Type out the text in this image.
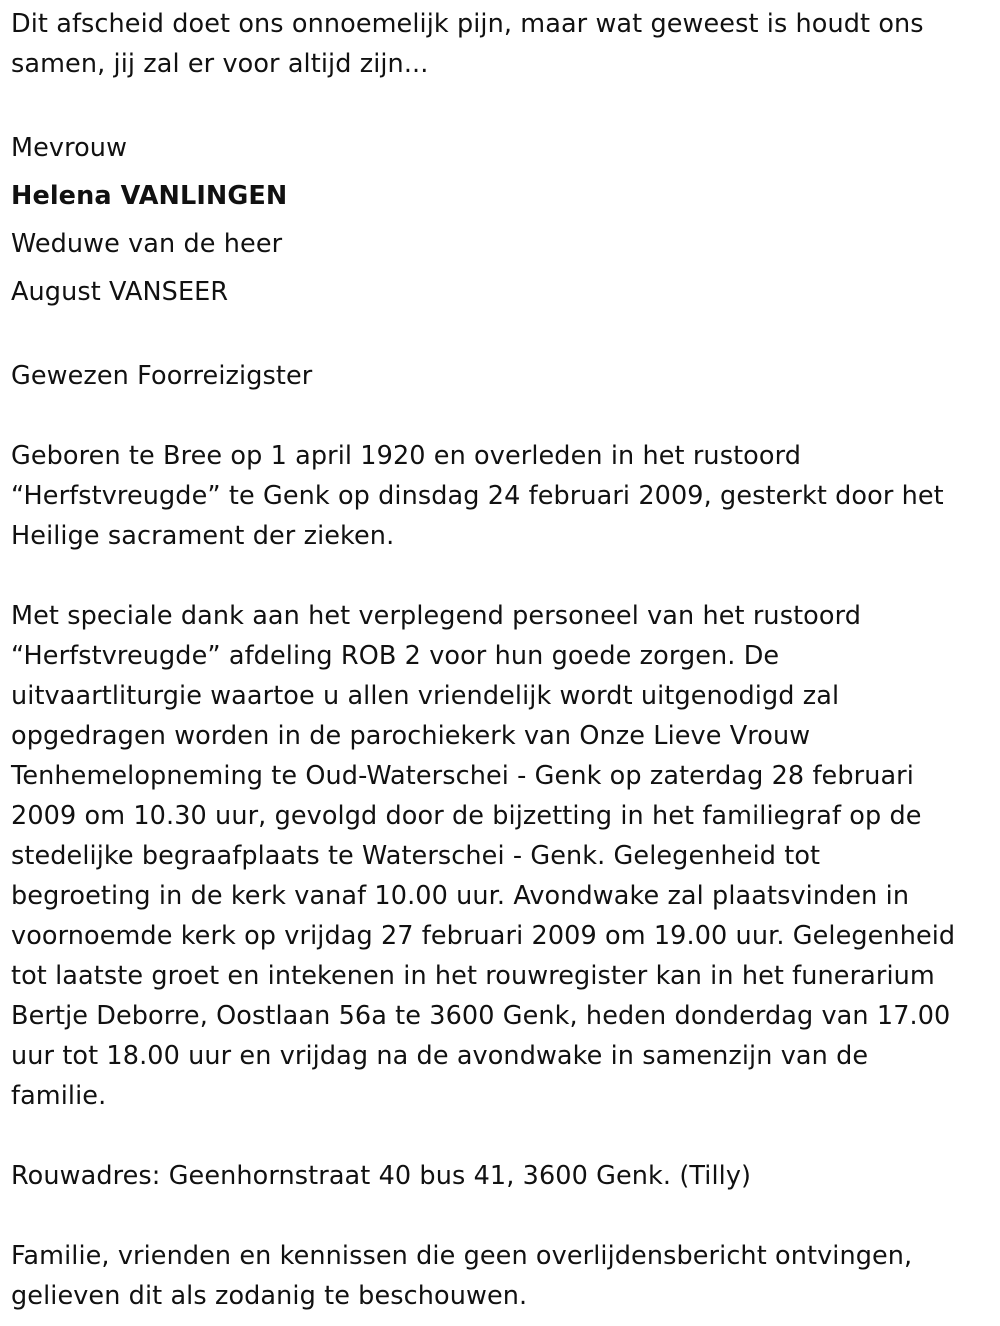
Dit afscheid doet ons onnoemelijk pijn, maar wat geweest is houdt ons
samen, jij zal er voor altijd zijn...

Mevrouw

Helena VANLINGEN

Weduwe van de heer

August VANSEER

Gewezen Foorreizigster

Geboren te Bree op 1 april 1920 en overleden in het rustoord
“Herfstvreugde” te Genk op dinsdag 24 februari 2009, gesterkt door het
Heilige sacrament der zieken.

Met speciale dank aan het verplegend personeel van het rustoord
“Herfstvreugde” afdeling ROB 2 voor hun goede zorgen. De
uitvaartliturgie waartoe u allen vriendelijk wordt uitgenodigd zal
opgedragen worden in de parochiekerk van Onze Lieve Vrouw
Tenhemelopneming te Oud-Waterschei - Genk op zaterdag 28 februari
2009 om 10.30 uur, gevolgd door de bijzetting in het familiegraf op de
stedelijke begraafplaats te Waterschei - Genk. Gelegenheid tot
begroeting in de kerk vanaf 10.00 uur. Avondwake zal plaatsvinden in
voornoemde kerk op vrijdag 27 februari 2009 om 19.00 uur. Gelegenheid
tot laatste groet en intekenen in het rouwregister kan in het funerarium
Bertje Deborre, Oostlaan 56a te 3600 Genk, heden donderdag van 17.00
uur tot 18.00 uur en vrijdag na de avondwake in samenzijn van de
familie.

Rouwadres: Geenhornstraat 40 bus 41, 3600 Genk. (Tilly)

Familie, vrienden en kennissen die geen overlijdensbericht ontvingen,
gelieven dit als zodanig te beschouwen.
